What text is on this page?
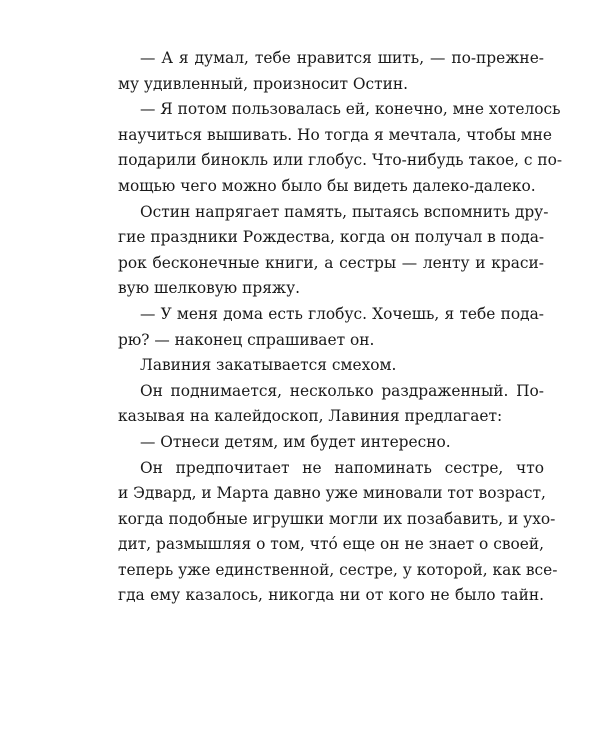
— А я думал, тебе нравится шить, — по-прежне-
му удивленный, произносит Остин.
— Я потом пользовалась ей, конечно, мне хотелось
научиться вышивать. Но тогда я мечтала, чтобы мне
подарили бинокль или глобус. Что-нибудь такое, с по-
мощью чего можно было бы видеть далеко-далеко.
Остин напрягает память, пытаясь вспомнить дру-
гие праздники Рождества, когда он получал в пода-
рок бесконечные книги, а сестры — ленту и краси-
вую шелковую пряжу.
— У меня дома есть глобус. Хочешь, я тебе пода-
рю? — наконец спрашивает он.
Лавиния закатывается смехом.
Он поднимается, несколько раздраженный. По-
казывая на калейдоскоп, Лавиния предлагает:
— Отнеси детям, им будет интересно.
Он предпочитает не напоминать сестре, что
и Эдвард, и Марта давно уже миновали тот возраст,
когда подобные игрушки могли их позабавить, и ухо-
дит, размышляя о том, чтó еще он не знает о своей,
теперь уже единственной, сестре, у которой, как все-
гда ему казалось, никогда ни от кого не было тайн.
